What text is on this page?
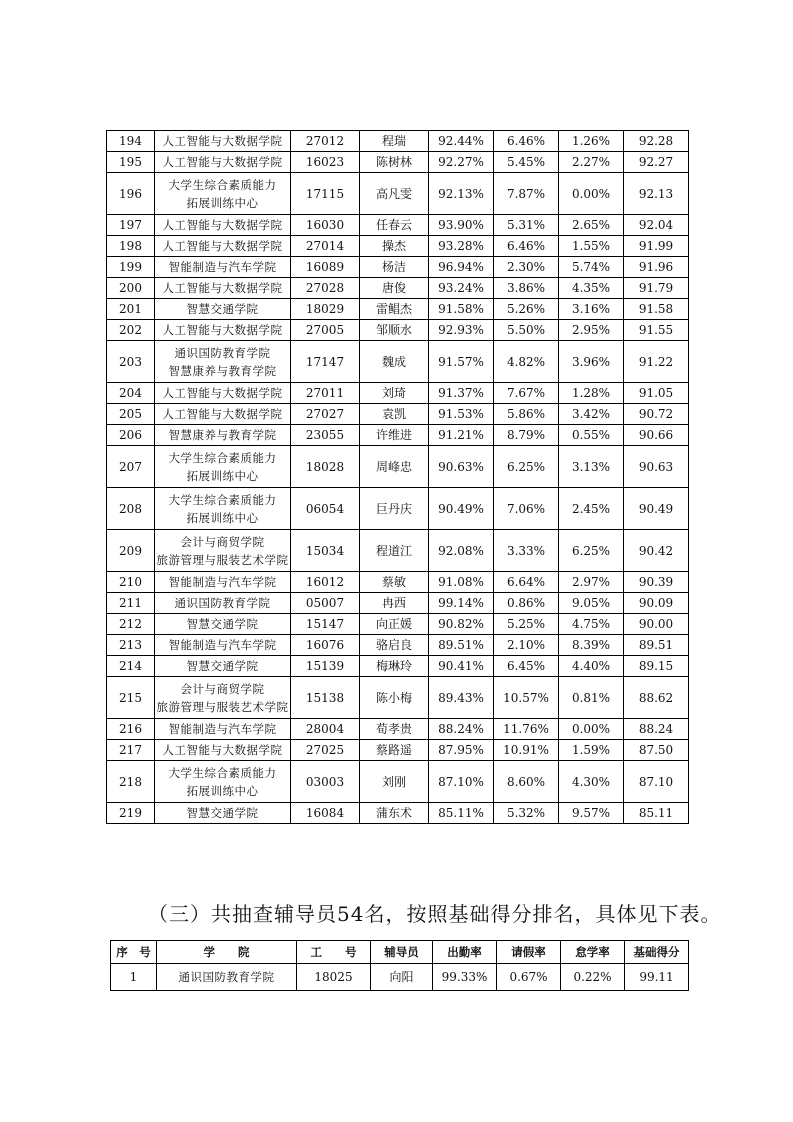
194	人工智能与大数据学院	27012	程瑞	92.44%	6.46%	1.26%	92.28
195	人工智能与大数据学院	16023	陈树林	92.27%	5.45%	2.27%	92.27
196	大学生综合素质能力
拓展训练中心	17115	高凡雯	92.13%	7.87%	0.00%	92.13
197	人工智能与大数据学院	16030	任春云	93.90%	5.31%	2.65%	92.04
198	人工智能与大数据学院	27014	操杰	93.28%	6.46%	1.55%	91.99
199	智能制造与汽车学院	16089	杨洁	96.94%	2.30%	5.74%	91.96
200	人工智能与大数据学院	27028	唐俊	93.24%	3.86%	4.35%	91.79
201	智慧交通学院	18029	雷鲳杰	91.58%	5.26%	3.16%	91.58
202	人工智能与大数据学院	27005	邹顺水	92.93%	5.50%	2.95%	91.55
203	通识国防教育学院
智慧康养与教育学院	17147	魏成	91.57%	4.82%	3.96%	91.22
204	人工智能与大数据学院	27011	刘琦	91.37%	7.67%	1.28%	91.05
205	人工智能与大数据学院	27027	袁凯	91.53%	5.86%	3.42%	90.72
206	智慧康养与教育学院	23055	许维进	91.21%	8.79%	0.55%	90.66
207	大学生综合素质能力
拓展训练中心	18028	周峰忠	90.63%	6.25%	3.13%	90.63
208	大学生综合素质能力
拓展训练中心	06054	巨丹庆	90.49%	7.06%	2.45%	90.49
209	会计与商贸学院
旅游管理与服装艺术学院	15034	程道江	92.08%	3.33%	6.25%	90.42
210	智能制造与汽车学院	16012	蔡敏	91.08%	6.64%	2.97%	90.39
211	通识国防教育学院	05007	冉西	99.14%	0.86%	9.05%	90.09
212	智慧交通学院	15147	向正媛	90.82%	5.25%	4.75%	90.00
213	智能制造与汽车学院	16076	骆启良	89.51%	2.10%	8.39%	89.51
214	智慧交通学院	15139	梅琳玲	90.41%	6.45%	4.40%	89.15
215	会计与商贸学院
旅游管理与服装艺术学院	15138	陈小梅	89.43%	10.57%	0.81%	88.62
216	智能制造与汽车学院	28004	荀孝贵	88.24%	11.76%	0.00%	88.24
217	人工智能与大数据学院	27025	蔡路遥	87.95%	10.91%	1.59%	87.50
218	大学生综合素质能力
拓展训练中心	03003	刘刚	87.10%	8.60%	4.30%	87.10
219	智慧交通学院	16084	蒲东术	85.11%	5.32%	9.57%	85.11
（三）共抽查辅导员54名，按照基础得分排名，具体见下表。
序　号	学　　院	工　　号	辅导员	出勤率	请假率	怠学率	基础得分
1	通识国防教育学院	18025	向阳	99.33%	0.67%	0.22%	99.11
